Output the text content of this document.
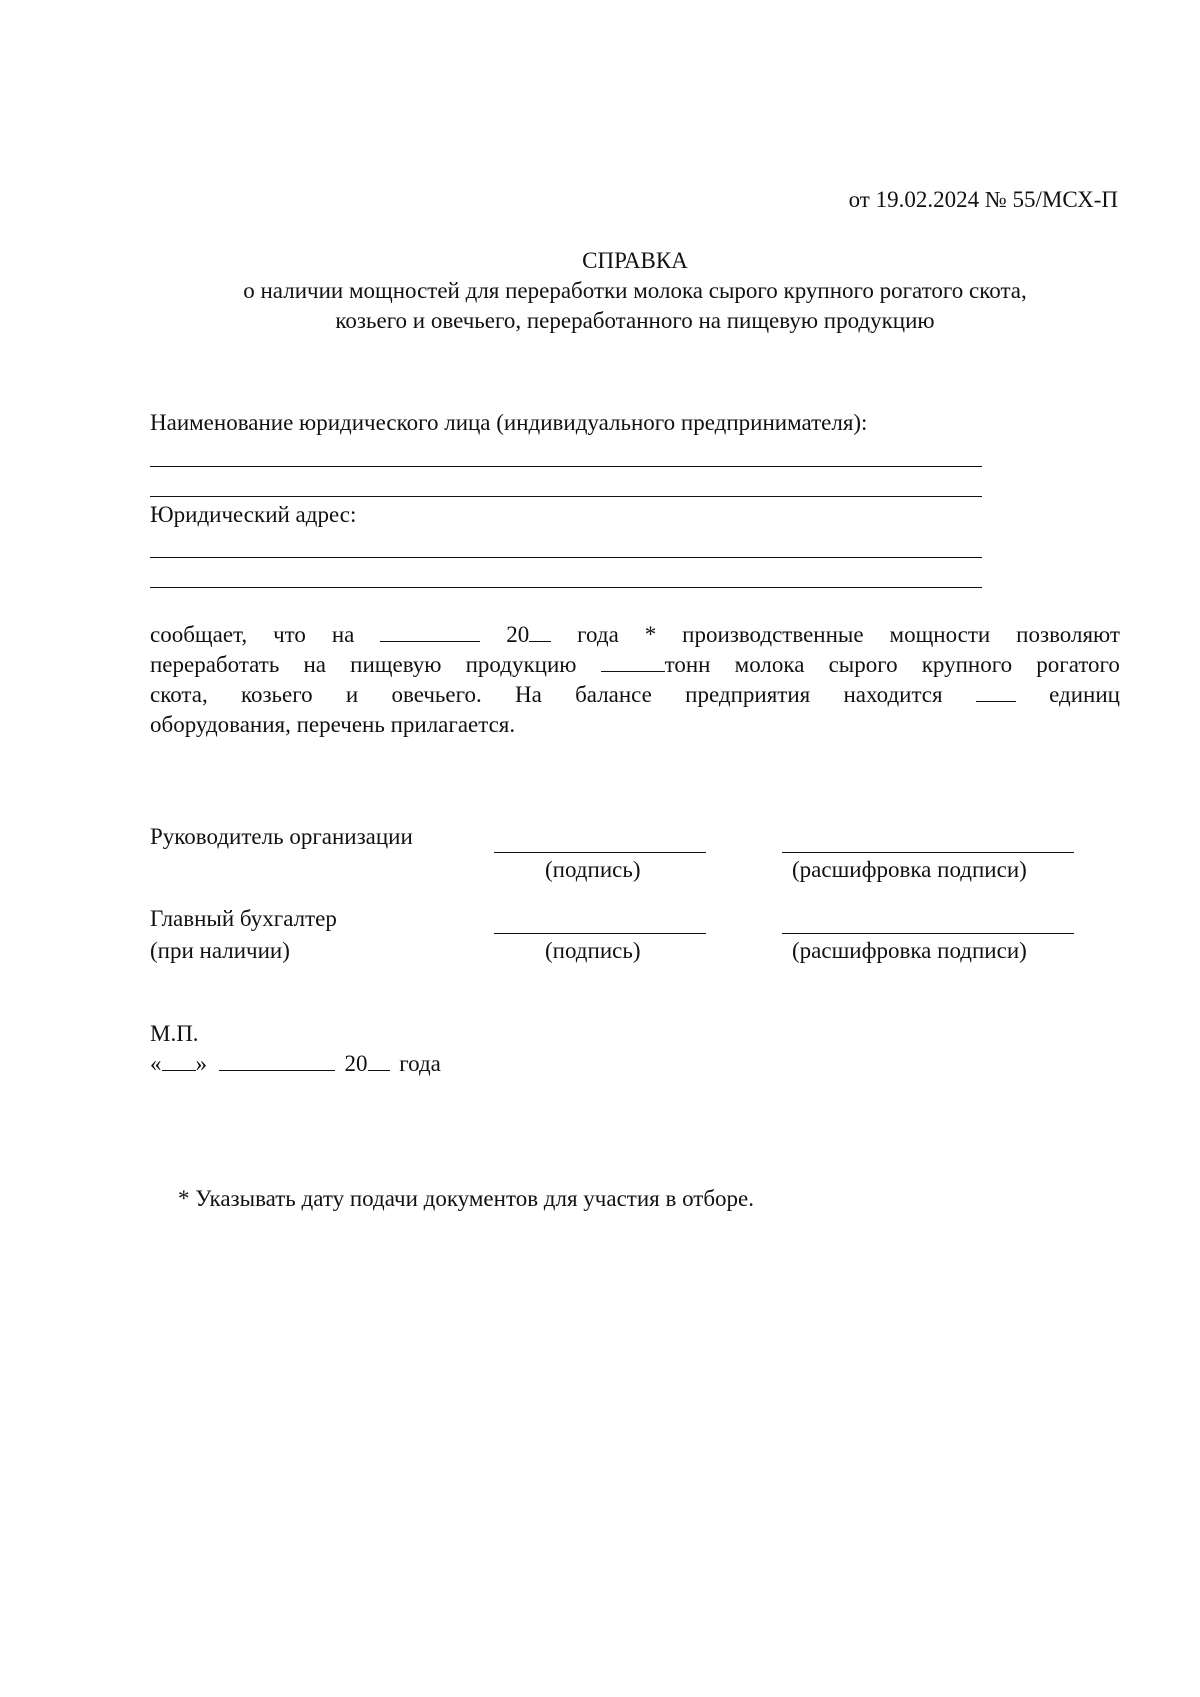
от 19.02.2024 № 55/МСХ-П
СПРАВКА
о наличии мощностей для переработки молока сырого крупного рогатого скота,
козьего и овечьего, переработанного на пищевую продукцию
Наименование юридического лица (индивидуального предпринимателя):
Юридический адрес:
сообщает, что на	20	года * производственные мощности позволяют
переработать на пищевую продукцию	тонн молока сырого крупного рогатого
скота, козьего и овечьего. На балансе предприятия находится	единиц
оборудования, перечень прилагается.
Руководитель организации
(подпись)	(расшифровка подписи)
Главный бухгалтер
(при наличии)	(подпись)	(расшифровка подписи)
М.П.
« »	20 года
* Указывать дату подачи документов для участия в отборе.
